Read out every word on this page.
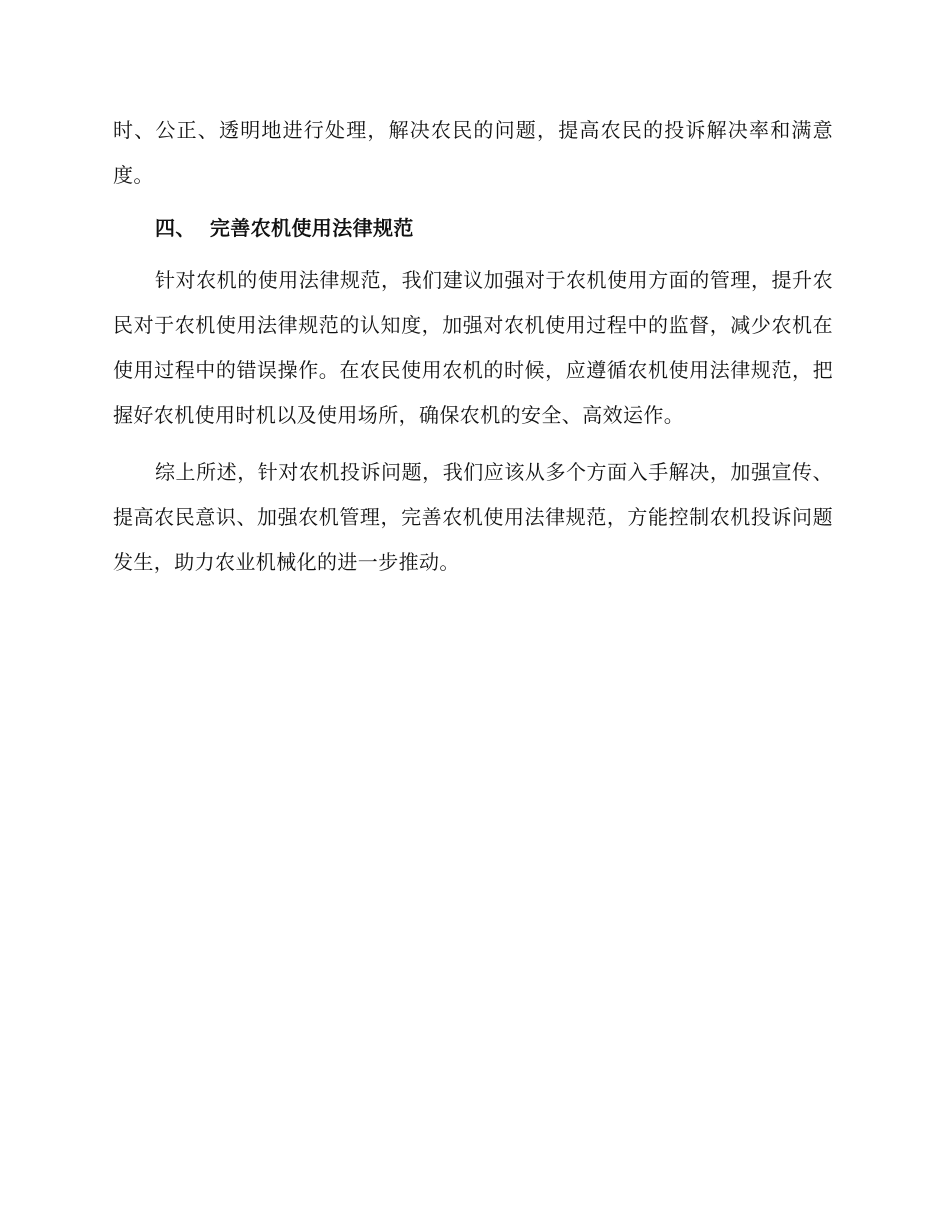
时、公正、透明地进行处理，解决农民的问题，提高农民的投诉解决率和满意度。

四、 完善农机使用法律规范

针对农机的使用法律规范，我们建议加强对于农机使用方面的管理，提升农民对于农机使用法律规范的认知度，加强对农机使用过程中的监督，减少农机在使用过程中的错误操作。在农民使用农机的时候，应遵循农机使用法律规范，把握好农机使用时机以及使用场所，确保农机的安全、高效运作。

综上所述，针对农机投诉问题，我们应该从多个方面入手解决，加强宣传、提高农民意识、加强农机管理，完善农机使用法律规范，方能控制农机投诉问题发生，助力农业机械化的进一步推动。
